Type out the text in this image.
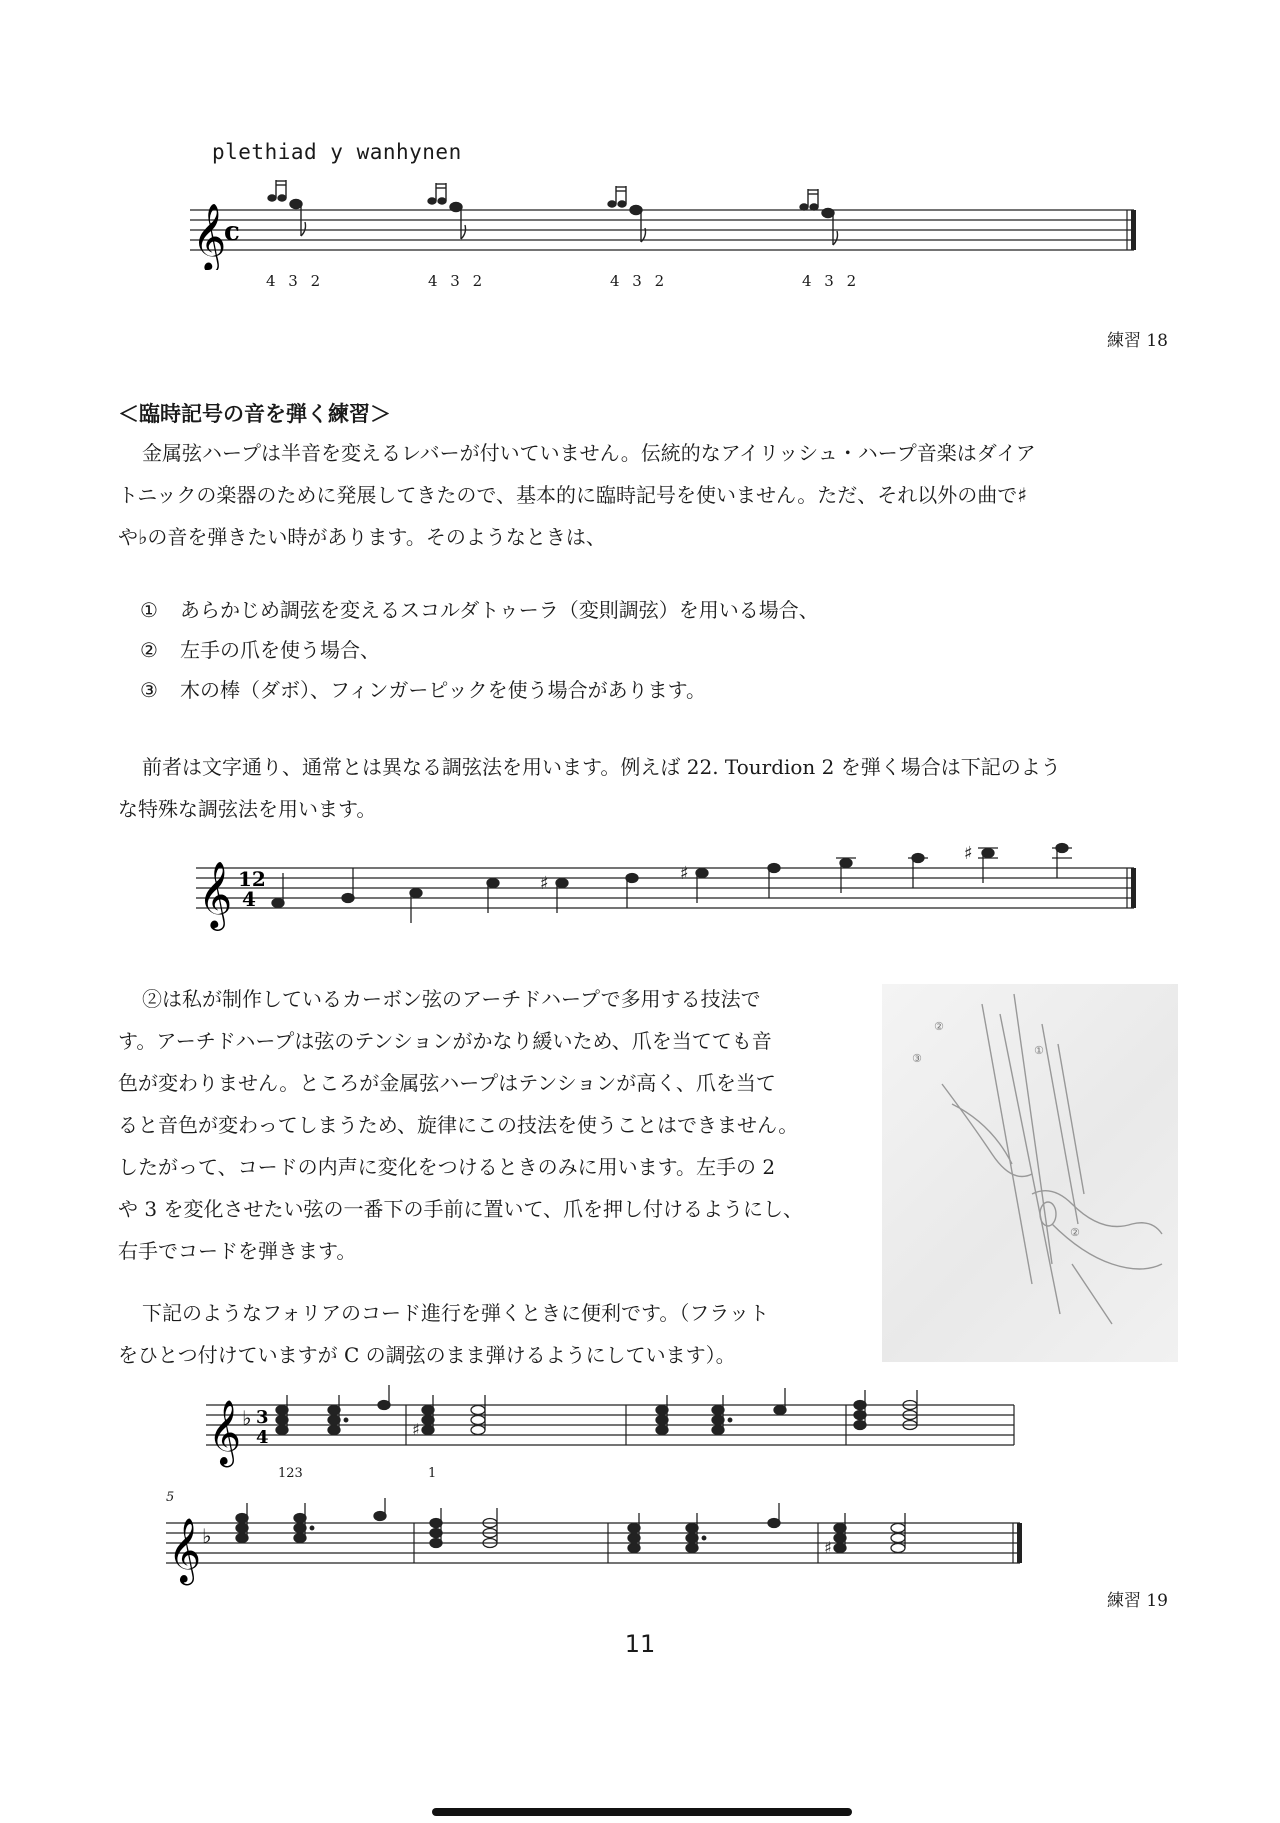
plethiad y wanhynen
𝄞
c
4 3 2	4 3 2	4 3 2	4 3 2
練習 18
＜臨時記号の音を弾く練習＞
金属弦ハープは半音を変えるレバーが付いていません。伝統的なアイリッシュ・ハープ音楽はダイア
トニックの楽器のために発展してきたので、基本的に臨時記号を使いません。ただ、それ以外の曲で♯
や♭の音を弾きたい時があります。そのようなときは、
① あらかじめ調弦を変えるスコルダトゥーラ（変則調弦）を用いる場合、
② 左手の爪を使う場合、
③ 木の棒（ダボ）、フィンガーピックを使う場合があります。
前者は文字通り、通常とは異なる調弦法を用います。例えば 22. Tourdion 2 を弾く場合は下記のよう
な特殊な調弦法を用います。
𝄞 12
4
♯	♯
♯
②は私が制作しているカーボン弦のアーチドハープで多用する技法で
す。アーチドハープは弦のテンションがかなり緩いため、爪を当てても音
色が変わりません。ところが金属弦ハープはテンションが高く、爪を当て
ると音色が変わってしまうため、旋律にこの技法を使うことはできません。
したがって、コードの内声に変化をつけるときのみに用います。左手の 2
や 3 を変化させたい弦の一番下の手前に置いて、爪を押し付けるようにし、
右手でコードを弾きます。
②
③
①
②
下記のようなフォリアのコード進行を弾くときに便利です。（フラット
をひとつ付けていますが C の調弦のまま弾けるようにしています）。
𝄞 ♭ 3
4	♯
123	1
5
𝄞 ♭	♯
練習 19
11
